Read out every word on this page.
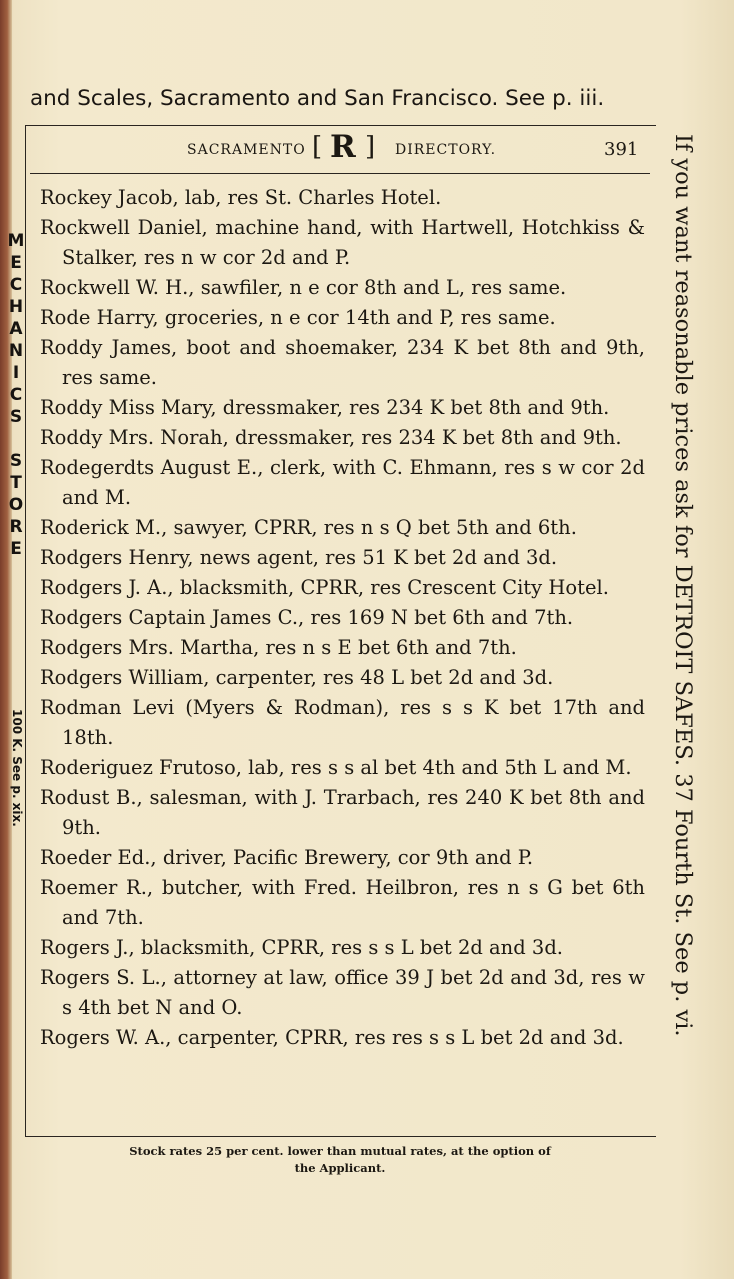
and Scales, Sacramento and San Francisco. See p. iii.
SACRAMENTO [ R ] DIRECTORY.	391
Rockey Jacob, lab, res St. Charles Hotel.
Rockwell Daniel, machine hand, with Hartwell, Hotchkiss & Stalker, res n w cor 2d and P.
Rockwell W. H., sawfiler, n e cor 8th and L, res same.
Rode Harry, groceries, n e cor 14th and P, res same.
Roddy James, boot and shoemaker, 234 K bet 8th and 9th, res same.
Roddy Miss Mary, dressmaker, res 234 K bet 8th and 9th.
Roddy Mrs. Norah, dressmaker, res 234 K bet 8th and 9th.
Rodegerdts August E., clerk, with C. Ehmann, res s w cor 2d and M.
Roderick M., sawyer, CPRR, res n s Q bet 5th and 6th.
Rodgers Henry, news agent, res 51 K bet 2d and 3d.
Rodgers J. A., blacksmith, CPRR, res Crescent City Hotel.
Rodgers Captain James C., res 169 N bet 6th and 7th.
Rodgers Mrs. Martha, res n s E bet 6th and 7th.
Rodgers William, carpenter, res 48 L bet 2d and 3d.
Rodman Levi (Myers & Rodman), res s s K bet 17th and 18th.
Roderiguez Frutoso, lab, res s s al bet 4th and 5th L and M.
Rodust B., salesman, with J. Trarbach, res 240 K bet 8th and 9th.
Roeder Ed., driver, Pacific Brewery, cor 9th and P.
Roemer R., butcher, with Fred. Heilbron, res n s G bet 6th and 7th.
Rogers J., blacksmith, CPRR, res s s L bet 2d and 3d.
Rogers S. L., attorney at law, office 39 J bet 2d and 3d, res w s 4th bet N and O.
Rogers W. A., carpenter, CPRR, res res s s L bet 2d and 3d.
M
E
C
H
A
N
I
C
S
S
T
O
R
E
100 K. See p. xix.	If you want reasonable prices ask for DETROIT SAFES. 37 Fourth St. See p. vi.
Stock rates 25 per cent. lower than mutual rates, at the option of
the Applicant.
